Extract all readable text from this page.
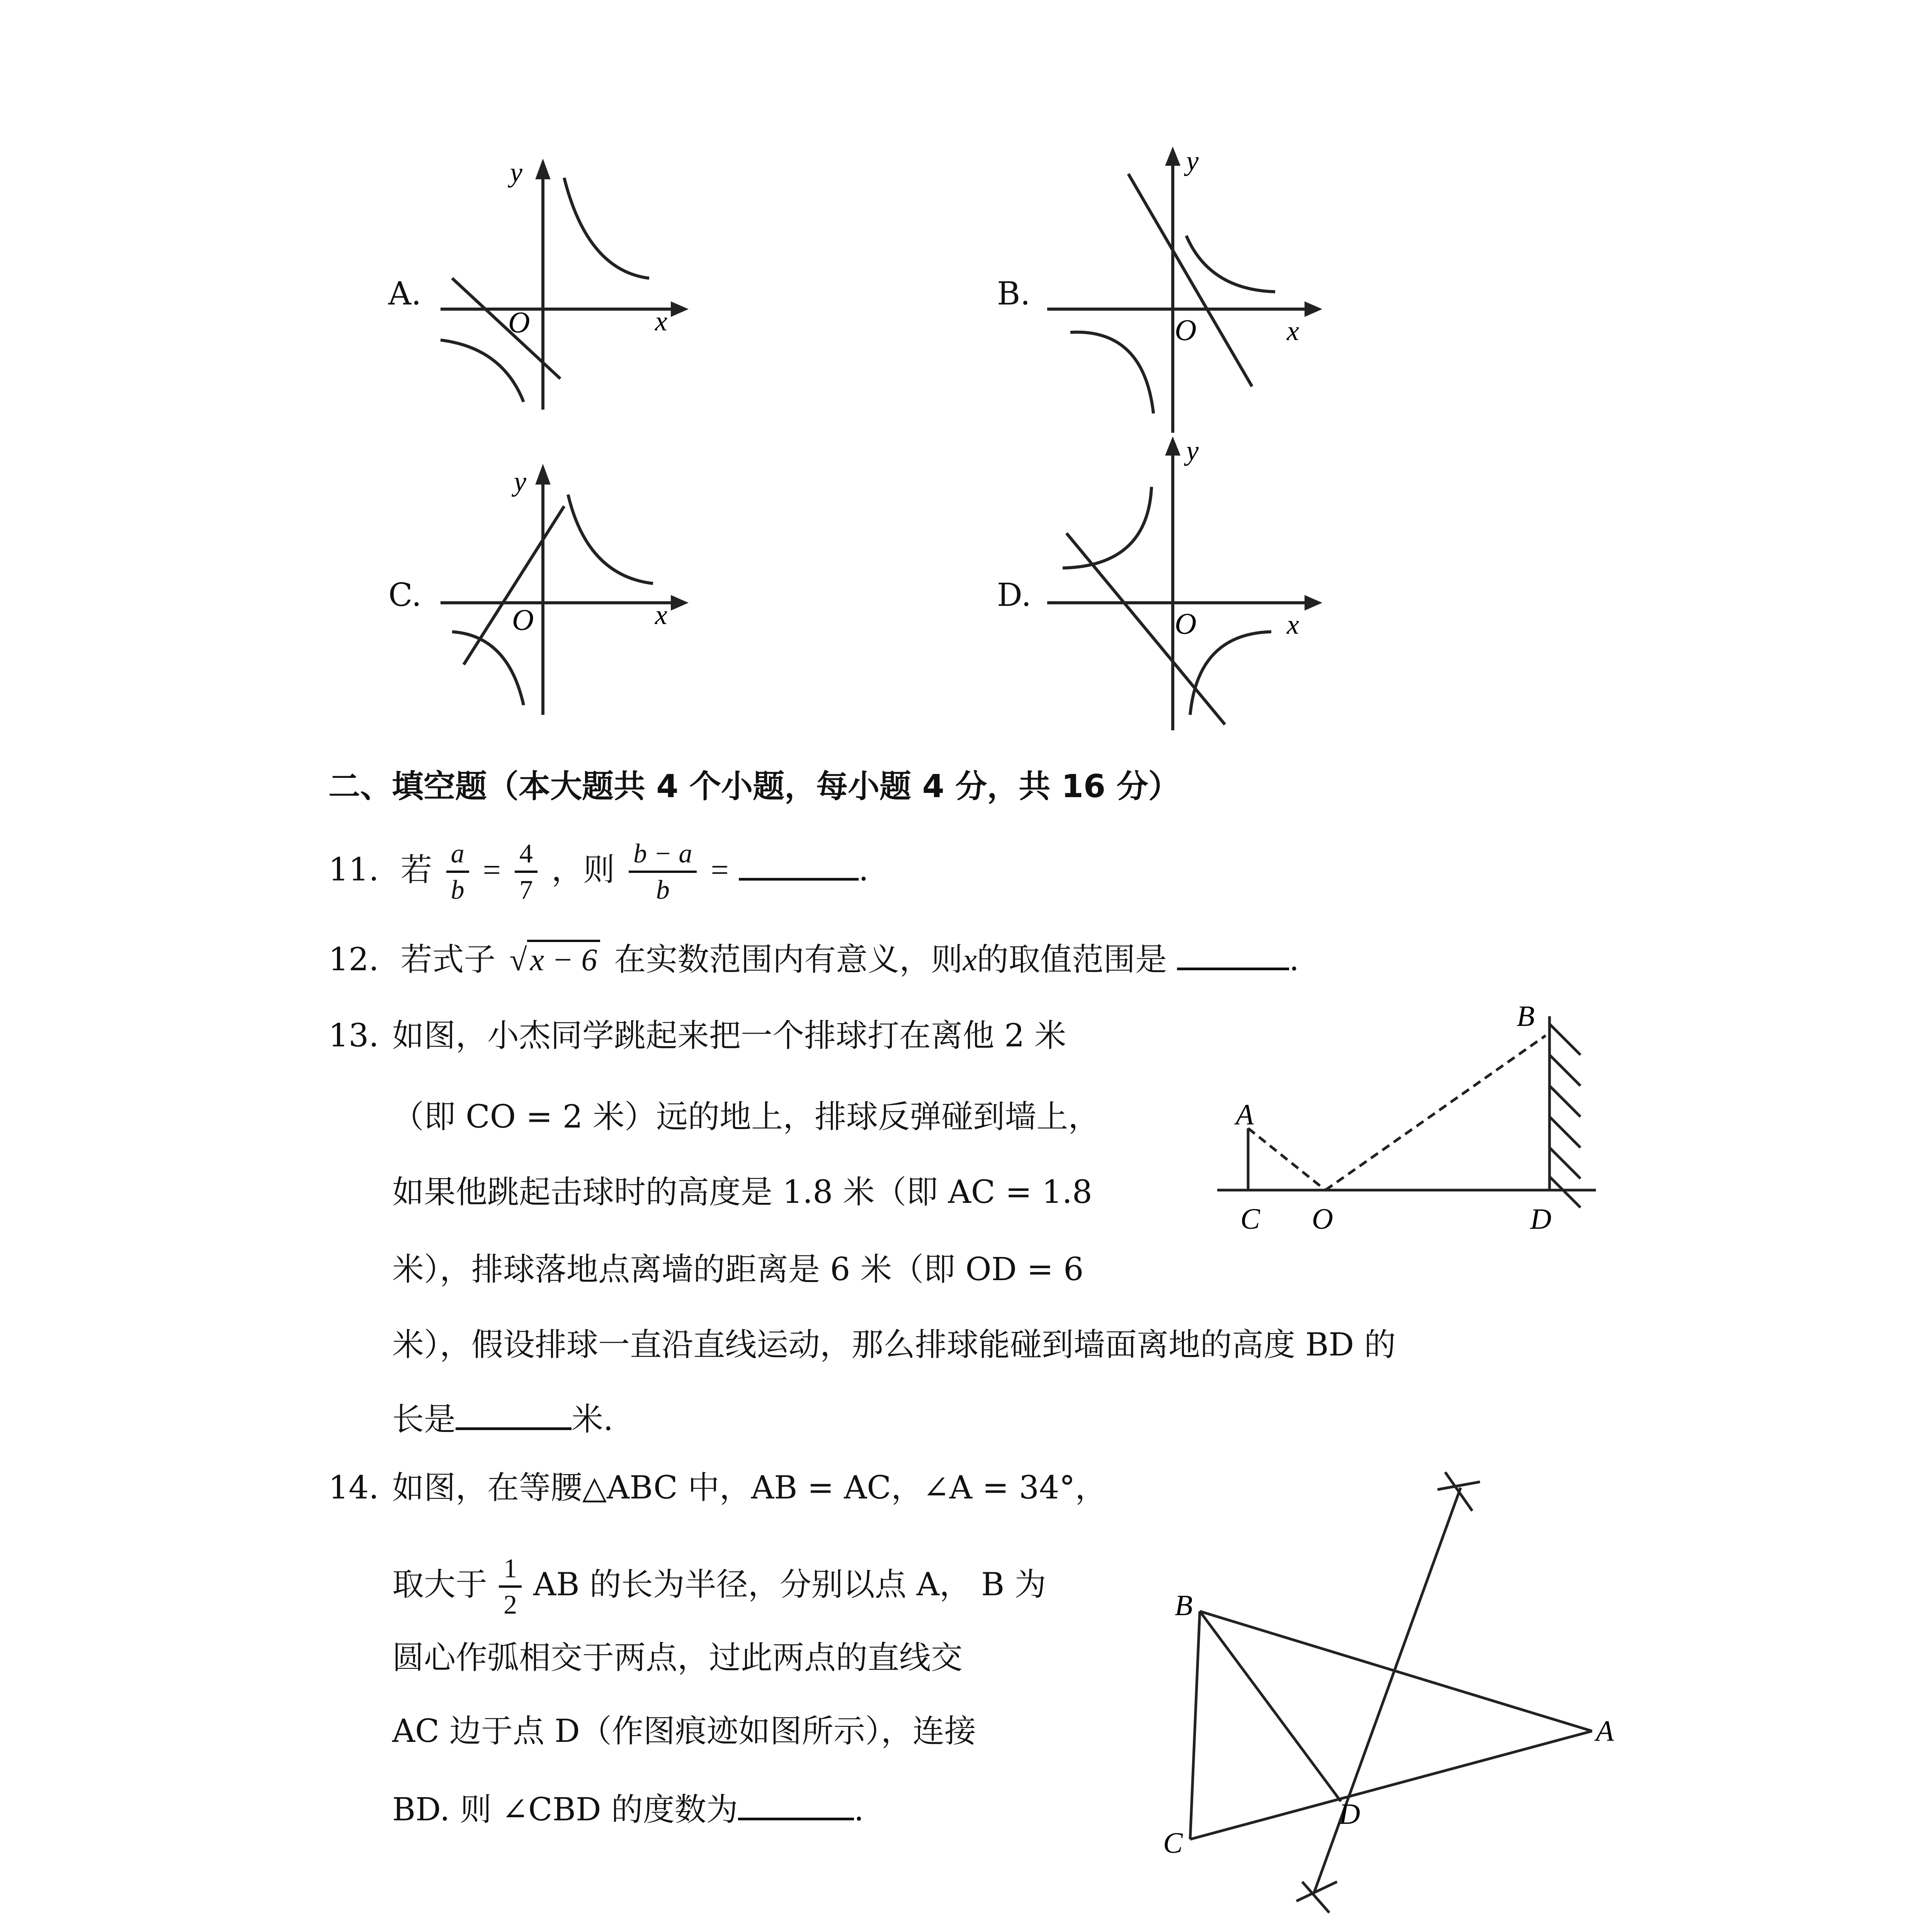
A.
O	x
y
B.
O	x
y
C.
O	x
y
D.
O	x
y
二、填空题（本大题共 4 个小题，每小题 4 分，共 16 分）
11. 若 $\frac{a}{b} = \frac{4}{7}$ ，则 $\frac{b - a}{b}$ =	.
12. 若式子 √x − 6 在实数范围内有意义，则x的取值范围是	.
13. 如图，小杰同学跳起来把一个排球打在离他 2 米
（即 CO = 2 米）远的地上，排球反弹碰到墙上，
如果他跳起击球时的高度是 1.8 米（即 AC = 1.8
米），排球落地点离墙的距离是 6 米（即 OD = 6
米），假设排球一直沿直线运动，那么排球能碰到墙面离地的高度 BD 的
长是	米.
A
C O	D
B
14. 如图，在等腰△ABC 中，AB = AC，∠A = 34°，
取大于 $\frac{1}{2}$ AB 的长为半径，分别以点 A， B 为
圆心作弧相交于两点，过此两点的直线交
AC 边于点 D（作图痕迹如图所示），连接
BD. 则 ∠CBD 的度数为	.
B
C
A
D
